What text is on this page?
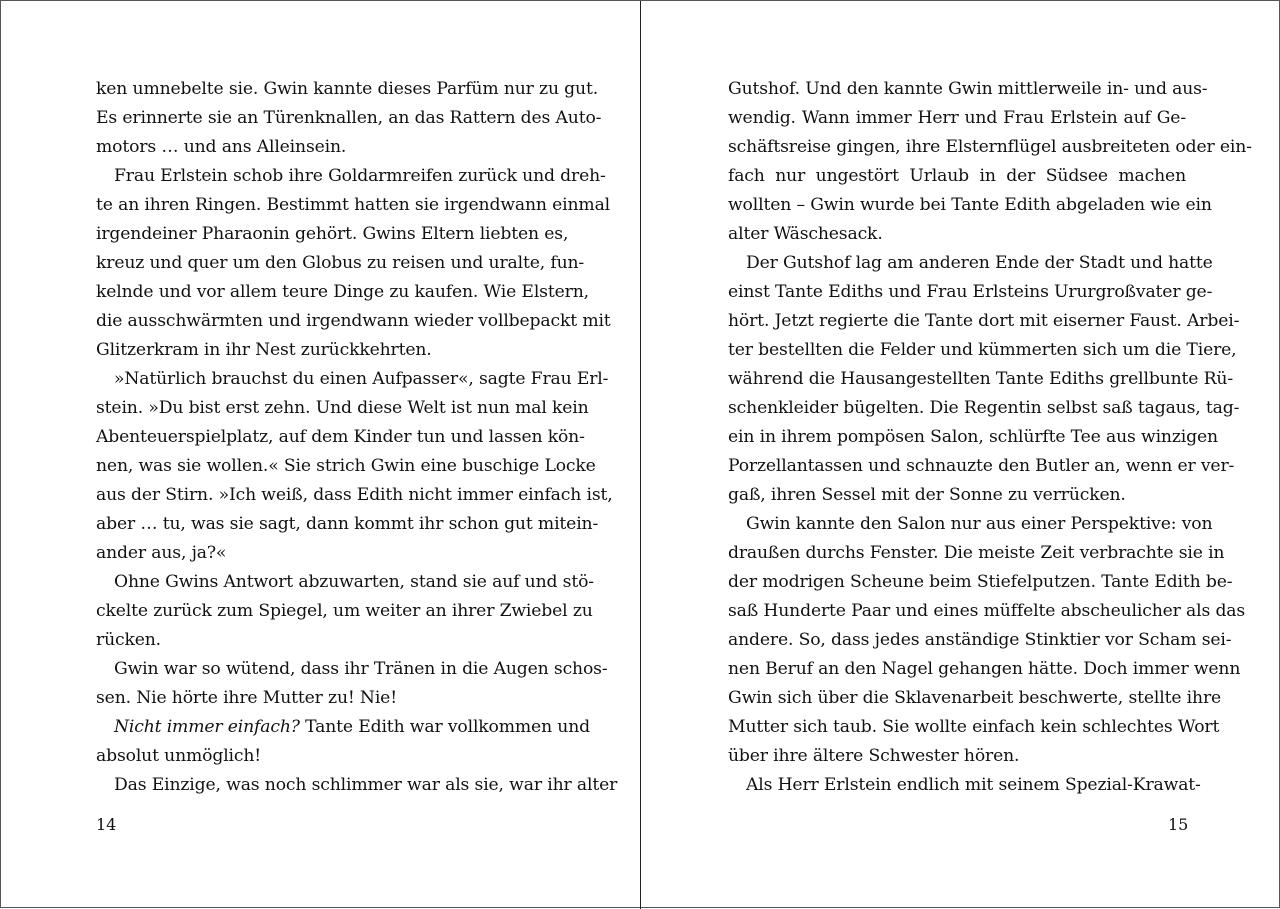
ken umnebelte sie. Gwin kannte dieses Parfüm nur zu gut.
Es erinnerte sie an Türenknallen, an das Rattern des Auto-
motors … und ans Alleinsein.
Frau Erlstein schob ihre Goldarmreifen zurück und dreh-
te an ihren Ringen. Bestimmt hatten sie irgendwann einmal
irgendeiner Pharaonin gehört. Gwins Eltern liebten es,
kreuz und quer um den Globus zu reisen und uralte, fun-
kelnde und vor allem teure Dinge zu kaufen. Wie Elstern,
die ausschwärmten und irgendwann wieder vollbepackt mit
Glitzerkram in ihr Nest zurückkehrten.
»Natürlich brauchst du einen Aufpasser«, sagte Frau Erl-
stein. »Du bist erst zehn. Und diese Welt ist nun mal kein
Abenteuerspielplatz, auf dem Kinder tun und lassen kön-
nen, was sie wollen.« Sie strich Gwin eine buschige Locke
aus der Stirn. »Ich weiß, dass Edith nicht immer einfach ist,
aber … tu, was sie sagt, dann kommt ihr schon gut mitein-
ander aus, ja?«
Ohne Gwins Antwort abzuwarten, stand sie auf und stö-
ckelte zurück zum Spiegel, um weiter an ihrer Zwiebel zu
rücken.
Gwin war so wütend, dass ihr Tränen in die Augen schos-
sen. Nie hörte ihre Mutter zu! Nie!
Nicht immer einfach? Tante Edith war vollkommen und
absolut unmöglich!
Das Einzige, was noch schlimmer war als sie, war ihr alter
14
Gutshof. Und den kannte Gwin mittlerweile in- und aus-
wendig. Wann immer Herr und Frau Erlstein auf Ge-
schäftsreise gingen, ihre Elsternflügel ausbreiteten oder ein-
fach nur ungestört Urlaub in der Südsee machen
wollten – Gwin wurde bei Tante Edith abgeladen wie ein
alter Wäschesack.
Der Gutshof lag am anderen Ende der Stadt und hatte
einst Tante Ediths und Frau Erlsteins Ururgroßvater ge-
hört. Jetzt regierte die Tante dort mit eiserner Faust. Arbei-
ter bestellten die Felder und kümmerten sich um die Tiere,
während die Hausangestellten Tante Ediths grellbunte Rü-
schenkleider bügelten. Die Regentin selbst saß tagaus, tag-
ein in ihrem pompösen Salon, schlürfte Tee aus winzigen
Porzellantassen und schnauzte den Butler an, wenn er ver-
gaß, ihren Sessel mit der Sonne zu verrücken.
Gwin kannte den Salon nur aus einer Perspektive: von
draußen durchs Fenster. Die meiste Zeit verbrachte sie in
der modrigen Scheune beim Stiefelputzen. Tante Edith be-
saß Hunderte Paar und eines müffelte abscheulicher als das
andere. So, dass jedes anständige Stinktier vor Scham sei-
nen Beruf an den Nagel gehangen hätte. Doch immer wenn
Gwin sich über die Sklavenarbeit beschwerte, stellte ihre
Mutter sich taub. Sie wollte einfach kein schlechtes Wort
über ihre ältere Schwester hören.
Als Herr Erlstein endlich mit seinem Spezial-Krawat-
15
